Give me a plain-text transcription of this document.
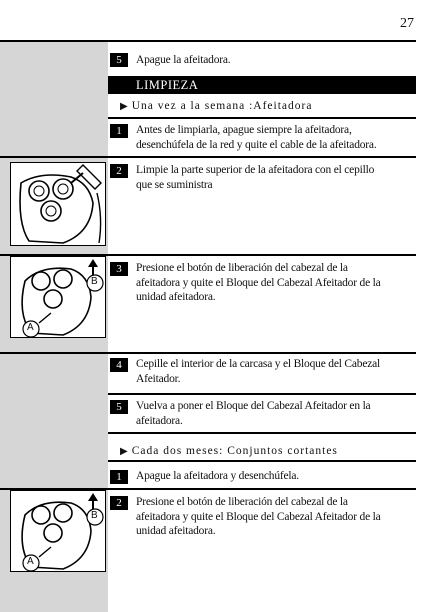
27
5	Apague la afeitadora.
LIMPIEZA
▶ Una vez a la semana :Afeitadora
1	Antes de limpiarla, apague siempre la afeitadora,
desenchúfela de la red y quite el cable de la afeitadora.
2	Limpie la parte superior de la afeitadora con el cepillo
que se suministra
B
A
3	Presione el botón de liberación del cabezal de la
afeitadora y quite el Bloque del Cabezal Afeitador de la
unidad afeitadora.
4	Cepille el interior de la carcasa y el Bloque del Cabezal
Afeitador.
5	Vuelva a poner el Bloque del Cabezal Afeitador en la
afeitadora.
▶ Cada dos meses: Conjuntos cortantes
1	Apague la afeitadora y desenchúfela.
B
A
2	Presione el botón de liberación del cabezal de la
afeitadora y quite el Bloque del Cabezal Afeitador de la
unidad afeitadora.
